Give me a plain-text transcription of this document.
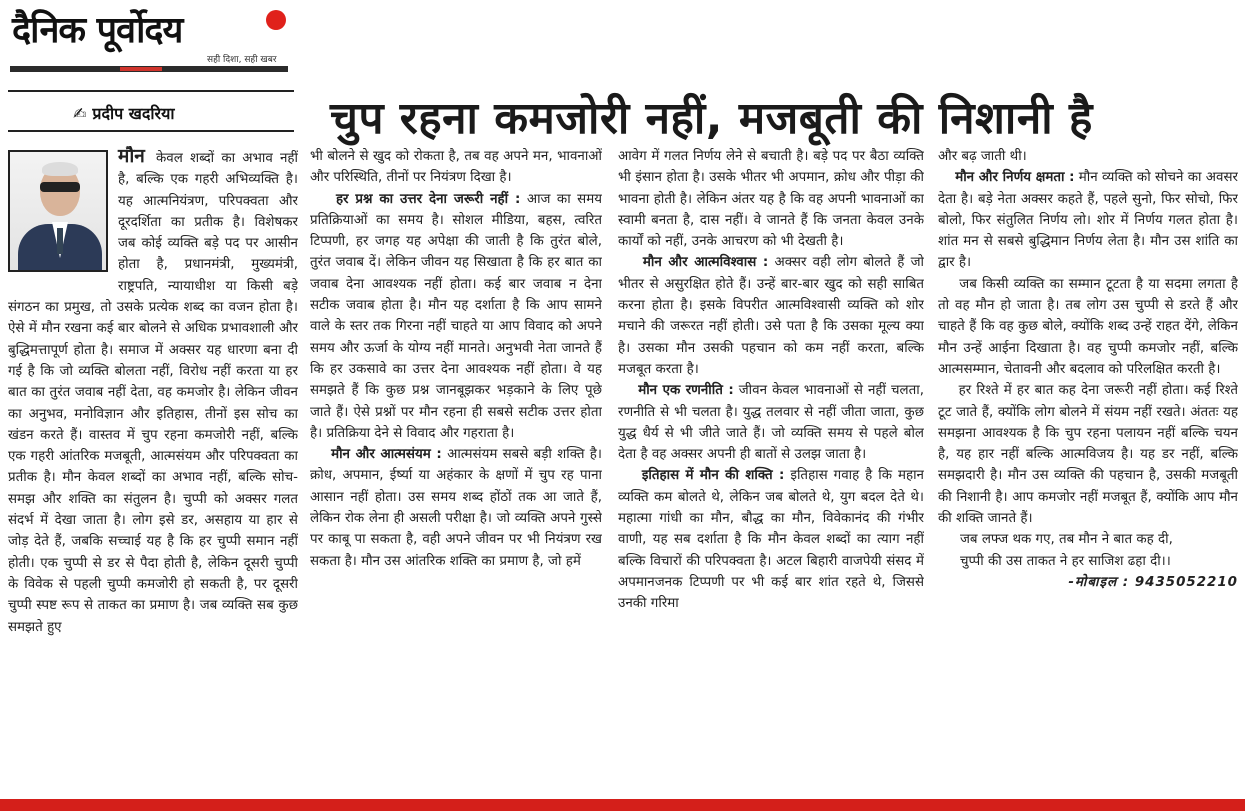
दैनिक पूर्वोदय
सही दिशा, सही खबर
✍ प्रदीप खदरिया	चुप रहना कमजोरी नहीं, मजबूती की निशानी है

मौन केवल शब्दों का अभाव नहीं है, बल्कि एक गहरी अभिव्यक्ति है। यह आत्मनियंत्रण, परिपक्वता और दूरदर्शिता का प्रतीक है। विशेषकर जब कोई व्यक्ति बड़े पद पर आसीन होता है, प्रधानमंत्री, मुख्यमंत्री, राष्ट्रपति, न्यायाधीश या किसी बड़े संगठन का प्रमुख, तो उसके प्रत्येक शब्द का वजन होता है। ऐसे में मौन रखना कई बार बोलने से अधिक प्रभावशाली और बुद्धिमत्तापूर्ण होता है। समाज में अक्सर यह धारणा बना दी गई है कि जो व्यक्ति बोलता नहीं, विरोध नहीं करता या हर बात का तुरंत जवाब नहीं देता, वह कमजोर है। लेकिन जीवन का अनुभव, मनोविज्ञान और इतिहास, तीनों इस सोच का खंडन करते हैं। वास्तव में चुप रहना कमजोरी नहीं, बल्कि एक गहरी आंतरिक मजबूती, आत्मसंयम और परिपक्वता का प्रतीक है। मौन केवल शब्दों का अभाव नहीं, बल्कि सोच-समझ और शक्ति का संतुलन है। चुप्पी को अक्सर गलत संदर्भ में देखा जाता है। लोग इसे डर, असहाय या हार से जोड़ देते हैं, जबकि सच्चाई यह है कि हर चुप्पी समान नहीं होती। एक चुप्पी से डर से पैदा होती है, लेकिन दूसरी चुप्पी के विवेक से पहली चुप्पी कमजोरी हो सकती है, पर दूसरी चुप्पी स्पष्ट रूप से ताकत का प्रमाण है। जब व्यक्ति सब कुछ समझते हुए

भी बोलने से खुद को रोकता है, तब वह अपने मन, भावनाओं और परिस्थिति, तीनों पर नियंत्रण दिखा है।

हर प्रश्न का उत्तर देना जरूरी नहीं : आज का समय प्रतिक्रियाओं का समय है। सोशल मीडिया, बहस, त्वरित टिप्पणी, हर जगह यह अपेक्षा की जाती है कि तुरंत बोले, तुरंत जवाब दें। लेकिन जीवन यह सिखाता है कि हर बात का जवाब देना आवश्यक नहीं होता। कई बार जवाब न देना सटीक जवाब होता है। मौन यह दर्शाता है कि आप सामने वाले के स्तर तक गिरना नहीं चाहते या आप विवाद को अपने समय और ऊर्जा के योग्य नहीं मानते। अनुभवी नेता जानते हैं कि हर उकसावे का उत्तर देना आवश्यक नहीं होता। वे यह समझते हैं कि कुछ प्रश्न जानबूझकर भड़काने के लिए पूछे जाते हैं। ऐसे प्रश्नों पर मौन रहना ही सबसे सटीक उत्तर होता है। प्रतिक्रिया देने से विवाद और गहराता है।

मौन और आत्मसंयम : आत्मसंयम सबसे बड़ी शक्ति है। क्रोध, अपमान, ईर्ष्या या अहंकार के क्षणों में चुप रह पाना आसान नहीं होता। उस समय शब्द होंठों तक आ जाते हैं, लेकिन रोक लेना ही असली परीक्षा है। जो व्यक्ति अपने गुस्से पर काबू पा सकता है, वही अपने जीवन पर भी नियंत्रण रख सकता है। मौन उस आंतरिक शक्ति का प्रमाण है, जो हमें

आवेग में गलत निर्णय लेने से बचाती है। बड़े पद पर बैठा व्यक्ति भी इंसान होता है। उसके भीतर भी अपमान, क्रोध और पीड़ा की भावना होती है। लेकिन अंतर यह है कि वह अपनी भावनाओं का स्वामी बनता है, दास नहीं। वे जानते हैं कि जनता केवल उनके कार्यों को नहीं, उनके आचरण को भी देखती है।

मौन और आत्मविश्वास : अक्सर वही लोग बोलते हैं जो भीतर से असुरक्षित होते हैं। उन्हें बार-बार खुद को सही साबित करना होता है। इसके विपरीत आत्मविश्वासी व्यक्ति को शोर मचाने की जरूरत नहीं होती। उसे पता है कि उसका मूल्य क्या है। उसका मौन उसकी पहचान को कम नहीं करता, बल्कि मजबूत करता है।

मौन एक रणनीति : जीवन केवल भावनाओं से नहीं चलता, रणनीति से भी चलता है। युद्ध तलवार से नहीं जीता जाता, कुछ युद्ध धैर्य से भी जीते जाते हैं। जो व्यक्ति समय से पहले बोल देता है वह अक्सर अपनी ही बातों से उलझ जाता है।

इतिहास में मौन की शक्ति : इतिहास गवाह है कि महान व्यक्ति कम बोलते थे, लेकिन जब बोलते थे, युग बदल देते थे। महात्मा गांधी का मौन, बौद्ध का मौन, विवेकानंद की गंभीर वाणी, यह सब दर्शाता है कि मौन केवल शब्दों का त्याग नहीं बल्कि विचारों की परिपक्वता है। अटल बिहारी वाजपेयी संसद में अपमानजनक टिप्पणी पर भी कई बार शांत रहते थे, जिससे उनकी गरिमा

और बढ़ जाती थी।

मौन और निर्णय क्षमता : मौन व्यक्ति को सोचने का अवसर देता है। बड़े नेता अक्सर कहते हैं, पहले सुनो, फिर सोचो, फिर बोलो, फिर संतुलित निर्णय लो। शोर में निर्णय गलत होता है। शांत मन से सबसे बुद्धिमान निर्णय लेता है। मौन उस शांति का द्वार है।

जब किसी व्यक्ति का सम्मान टूटता है या सदमा लगता है तो वह मौन हो जाता है। तब लोग उस चुप्पी से डरते हैं और चाहते हैं कि वह कुछ बोले, क्योंकि शब्द उन्हें राहत देंगे, लेकिन मौन उन्हें आईना दिखाता है। वह चुप्पी कमजोर नहीं, बल्कि आत्मसम्मान, चेतावनी और बदलाव को परिलक्षित करती है।

हर रिश्ते में हर बात कह देना जरूरी नहीं होता। कई रिश्ते टूट जाते हैं, क्योंकि लोग बोलने में संयम नहीं रखते। अंततः यह समझना आवश्यक है कि चुप रहना पलायन नहीं बल्कि चयन है, यह हार नहीं बल्कि आत्मविजय है। यह डर नहीं, बल्कि समझदारी है। मौन उस व्यक्ति की पहचान है, उसकी मजबूती की निशानी है। आप कमजोर नहीं मजबूत हैं, क्योंकि आप मौन की शक्ति जानते हैं।

जब लफ्ज थक गए, तब मौन ने बात कह दी,

चुप्पी की उस ताकत ने हर साजिश ढहा दी।।

-मोबाइल : 9435052210
